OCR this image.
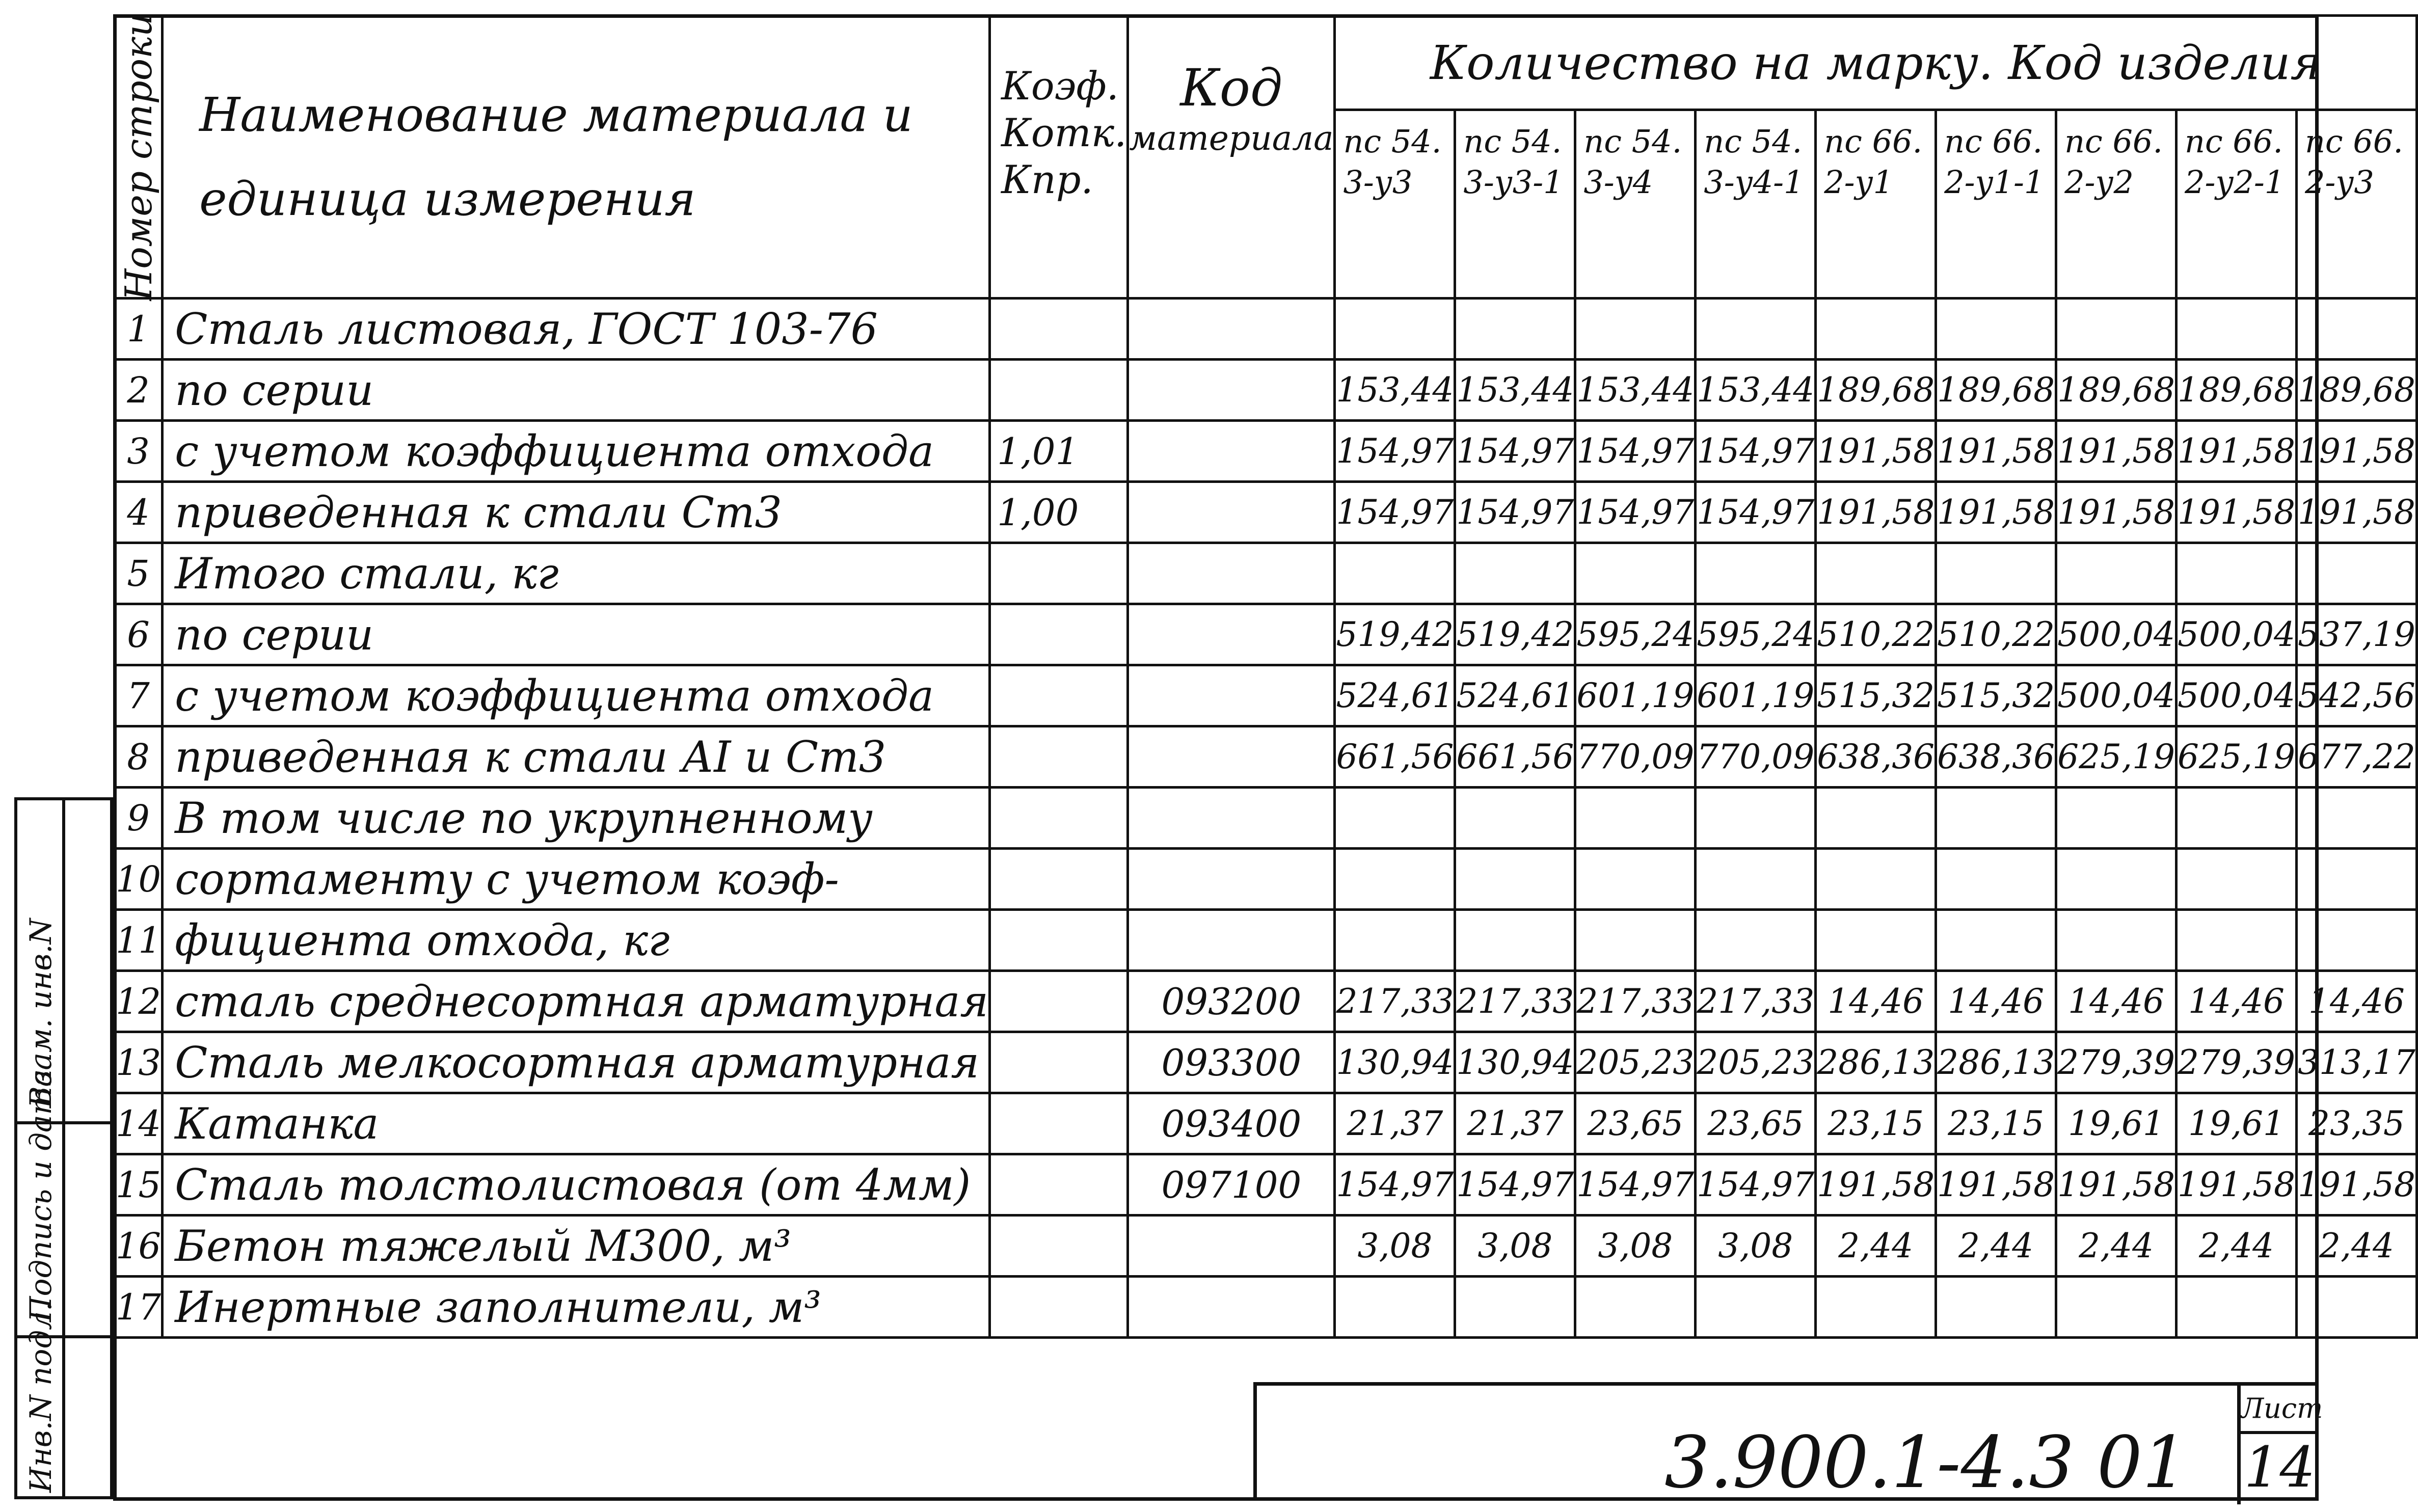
Номер строки	Наименование материала и единица измерения	Коэф. Котк. Кпр.	Код
материала	Количество на марку. Код изделия								
				пс 54. 3-у3	пс 54. 3-у3-1	пс 54. 3-у4	пс 54. 3-у4-1	пс 66. 2-у1	пс 66. 2-у1-1	пс 66. 2-у2	пс 66. 2-у2-1	пс 66. 2-у3
1	Сталь листовая, ГОСТ 103-76											
2	по серии			153,44	153,44	153,44	153,44	189,68	189,68	189,68	189,68	189,68
3	с учетом коэффициента отхода	1,01		154,97	154,97	154,97	154,97	191,58	191,58	191,58	191,58	191,58
4	приведенная к стали Ст3	1,00		154,97	154,97	154,97	154,97	191,58	191,58	191,58	191,58	191,58
5	Итого стали, кг											
6	по серии			519,42	519,42	595,24	595,24	510,22	510,22	500,04	500,04	537,19
7	с учетом коэффициента отхода			524,61	524,61	601,19	601,19	515,32	515,32	500,04	500,04	542,56
8	приведенная к стали АI и Ст3			661,56	661,56	770,09	770,09	638,36	638,36	625,19	625,19	677,22
9	В том числе по укрупненному											
10	сортаменту с учетом коэф-											
11	фициента отхода, кг											
12	сталь среднесортная арматурная		093200	217,33	217,33	217,33	217,33	14,46	14,46	14,46	14,46	14,46
13	Сталь мелкосортная арматурная		093300	130,94	130,94	205,23	205,23	286,13	286,13	279,39	279,39	313,17
14	Катанка		093400	21,37	21,37	23,65	23,65	23,15	23,15	19,61	19,61	23,35
15	Сталь толстолистовая (от 4мм)		097100	154,97	154,97	154,97	154,97	191,58	191,58	191,58	191,58	191,58
16	Бетон тяжелый М300, м³			3,08	3,08	3,08	3,08	2,44	2,44	2,44	2,44	2,44
17	Инертные заполнители, м³											
Инв.N подл.
Подпись и дата
Взам. инв.N
3.900.1-4.3 01
Лист
14
